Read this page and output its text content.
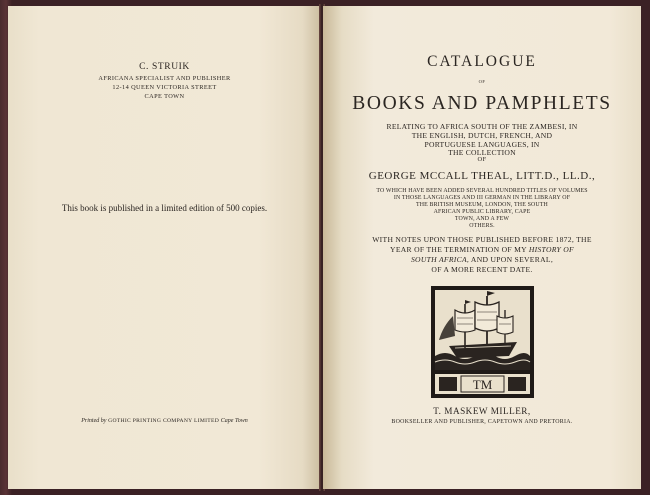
C. STRUIK
AFRICANA SPECIALIST AND PUBLISHER
12-14 QUEEN VICTORIA STREET
CAPE TOWN
This book is published in a limited edition of 500 copies.
Printed by GOTHIC PRINTING COMPANY LIMITED Cape Town
CATALOGUE
OF
BOOKS AND PAMPHLETS
RELATING TO AFRICA SOUTH OF THE ZAMBESI, IN
THE ENGLISH, DUTCH, FRENCH, AND
PORTUGUESE LANGUAGES, IN
THE COLLECTION
OF
GEORGE MCCALL THEAL, LITT.D., LL.D.,
TO WHICH HAVE BEEN ADDED SEVERAL HUNDRED TITLES OF VOLUMES
IN THOSE LANGUAGES AND III GERMAN IN THE LIBRARY OF
THE BRITISH MUSEUM, LONDON, THE SOUTH
AFRICAN PUBLIC LIBRARY, CAPE
TOWN, AND A FEW
OTHERS.
WITH NOTES UPON THOSE PUBLISHED BEFORE 1872, THE
YEAR OF THE TERMINATION OF MY HISTORY OF
SOUTH AFRICA, AND UPON SEVERAL,
OF A MORE RECENT DATE.
TM
T. MASKEW MILLER,
BOOKSELLER AND PUBLISHER, CAPETOWN AND PRETORIA.
